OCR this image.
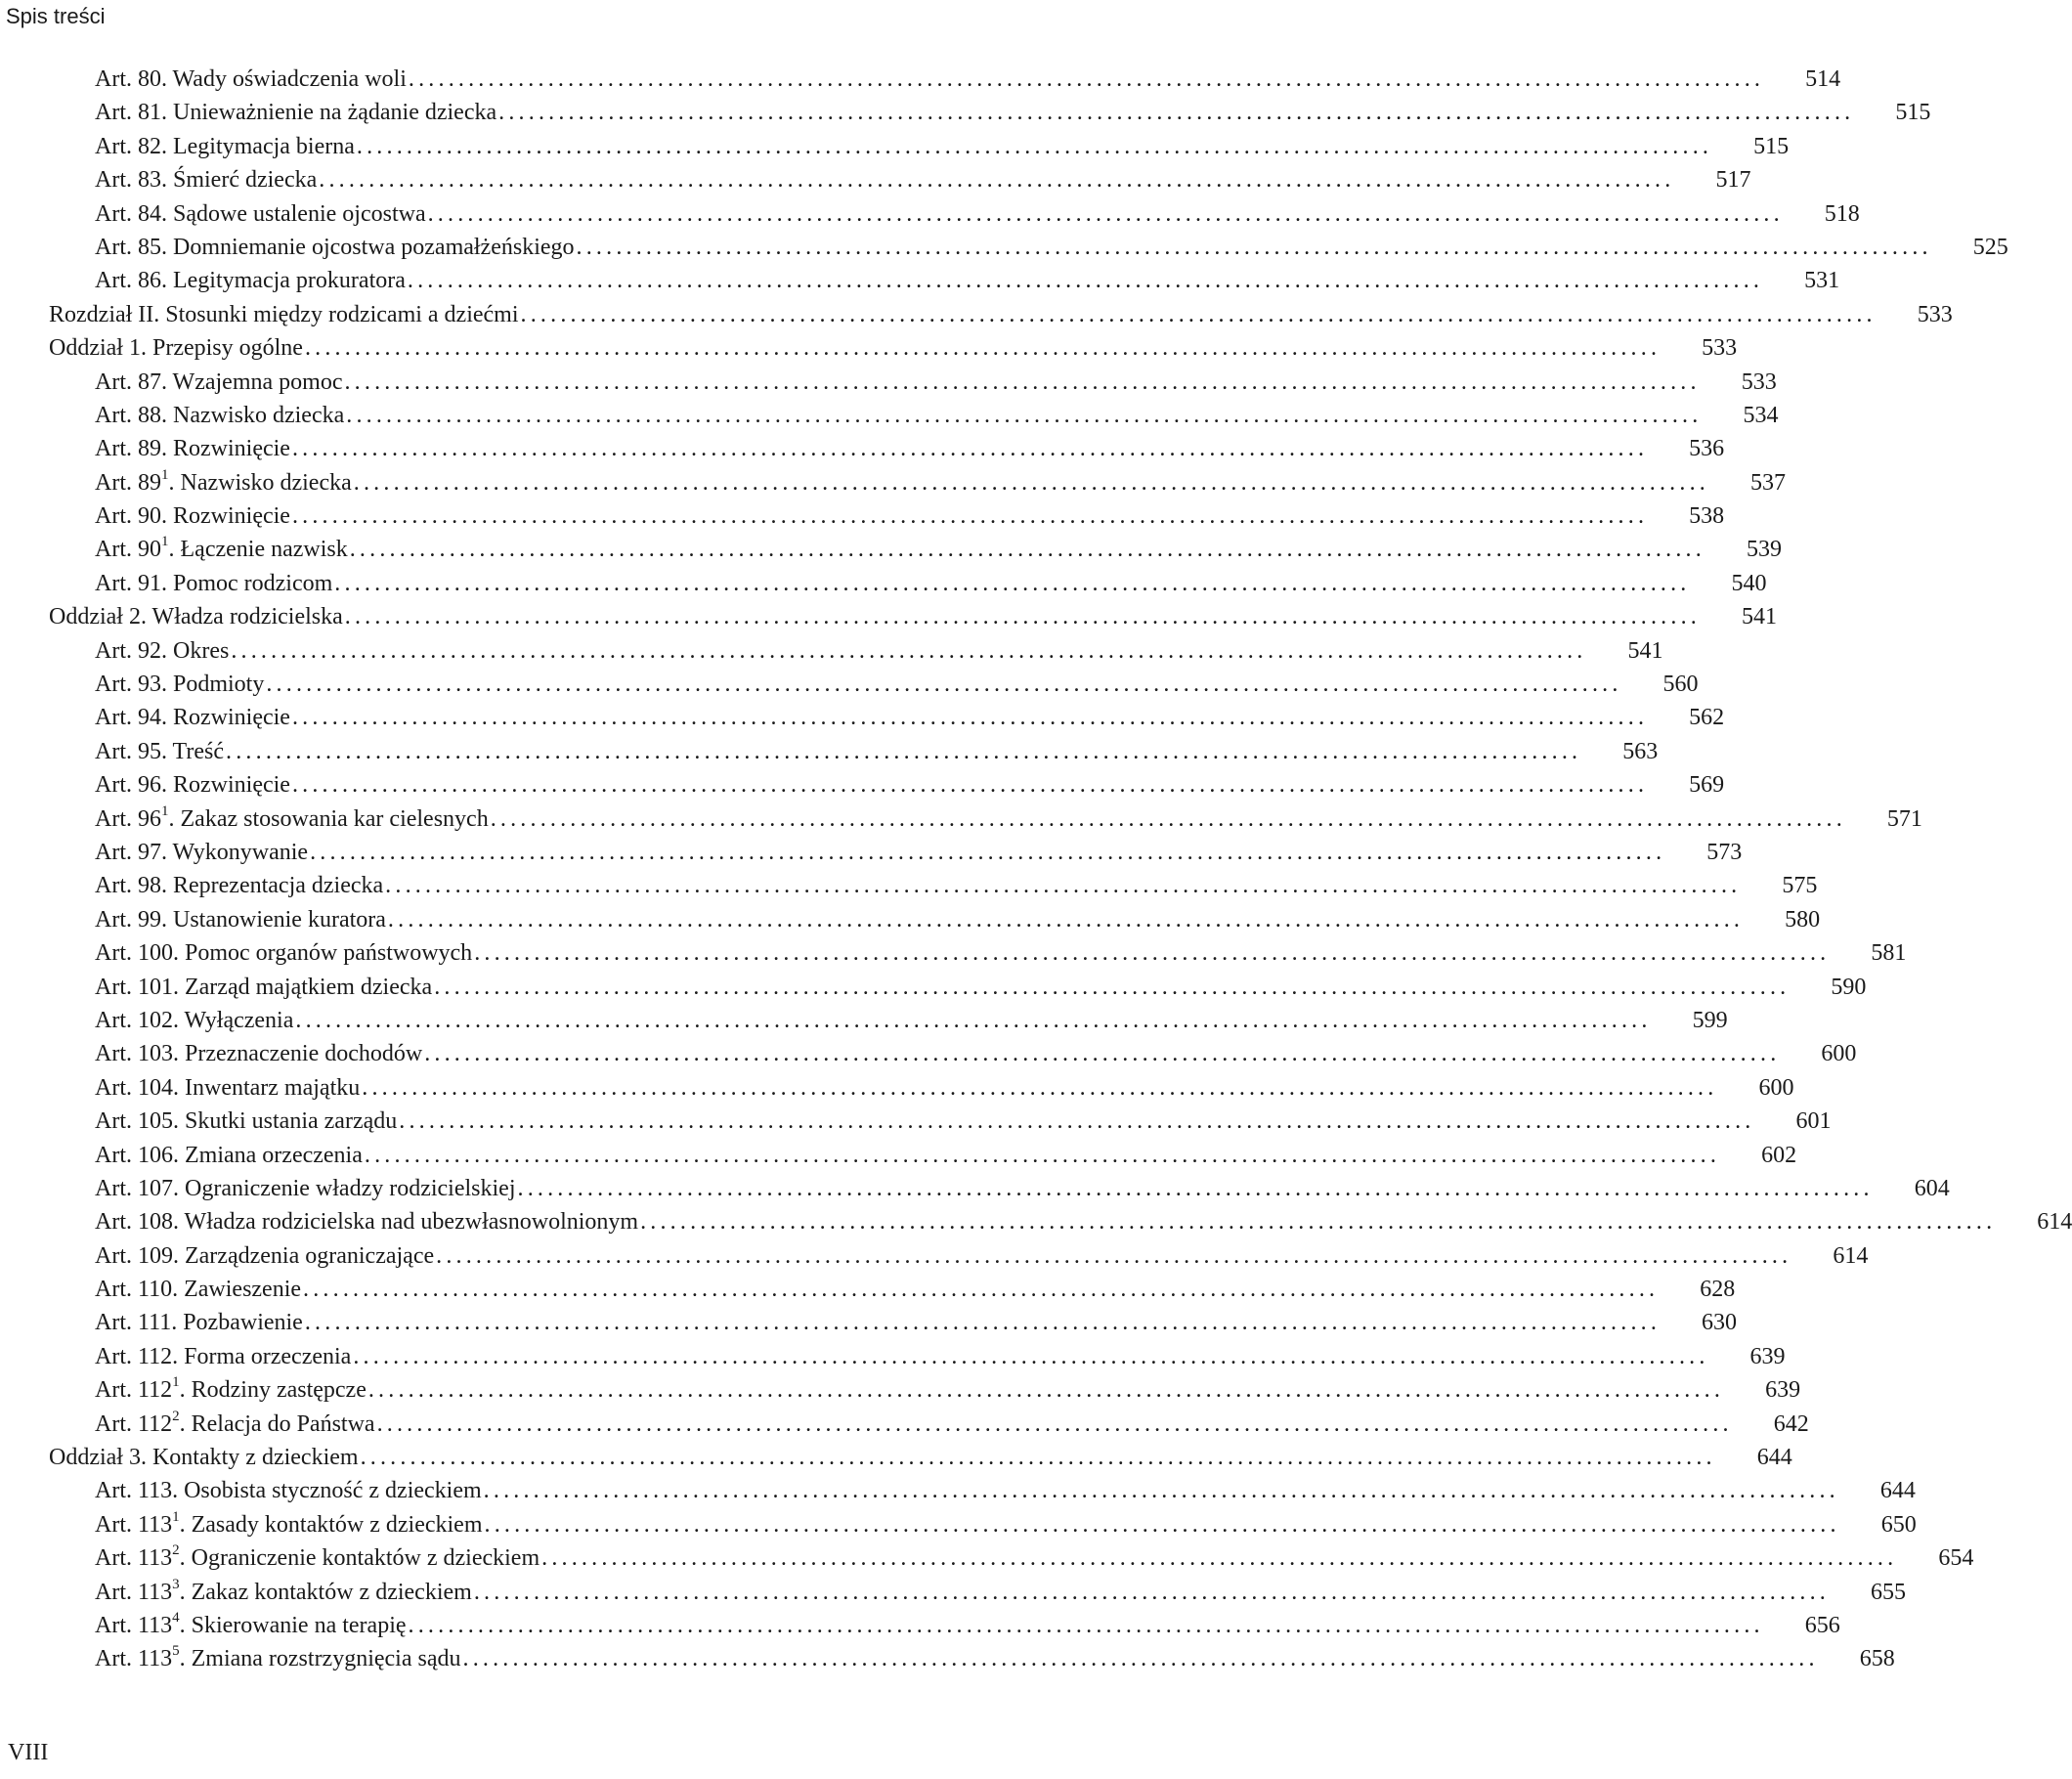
Spis treści
Art. 80. Wady oświadczenia woli ........................................................................................................................................	514
Art. 81. Unieważnienie na żądanie dziecka ........................................................................................................................................	515
Art. 82. Legitymacja bierna ........................................................................................................................................	515
Art. 83. Śmierć dziecka ........................................................................................................................................	517
Art. 84. Sądowe ustalenie ojcostwa ........................................................................................................................................	518
Art. 85. Domniemanie ojcostwa pozamałżeńskiego ........................................................................................................................................	525
Art. 86. Legitymacja prokuratora ........................................................................................................................................	531
Rozdział II. Stosunki między rodzicami a dziećmi ........................................................................................................................................	533
Oddział 1. Przepisy ogólne ........................................................................................................................................	533
Art. 87. Wzajemna pomoc ........................................................................................................................................	533
Art. 88. Nazwisko dziecka ........................................................................................................................................	534
Art. 89. Rozwinięcie ........................................................................................................................................	536
Art. $89^1$. Nazwisko dziecka ........................................................................................................................................	537
Art. 90. Rozwinięcie ........................................................................................................................................	538
Art. $90^1$. Łączenie nazwisk ........................................................................................................................................	539
Art. 91. Pomoc rodzicom ........................................................................................................................................	540
Oddział 2. Władza rodzicielska ........................................................................................................................................	541
Art. 92. Okres ........................................................................................................................................	541
Art. 93. Podmioty ........................................................................................................................................	560
Art. 94. Rozwinięcie ........................................................................................................................................	562
Art. 95. Treść ........................................................................................................................................	563
Art. 96. Rozwinięcie ........................................................................................................................................	569
Art. $96^1$. Zakaz stosowania kar cielesnych ........................................................................................................................................	571
Art. 97. Wykonywanie ........................................................................................................................................	573
Art. 98. Reprezentacja dziecka ........................................................................................................................................	575
Art. 99. Ustanowienie kuratora ........................................................................................................................................	580
Art. 100. Pomoc organów państwowych ........................................................................................................................................	581
Art. 101. Zarząd majątkiem dziecka ........................................................................................................................................	590
Art. 102. Wyłączenia ........................................................................................................................................	599
Art. 103. Przeznaczenie dochodów ........................................................................................................................................	600
Art. 104. Inwentarz majątku ........................................................................................................................................	600
Art. 105. Skutki ustania zarządu ........................................................................................................................................	601
Art. 106. Zmiana orzeczenia ........................................................................................................................................	602
Art. 107. Ograniczenie władzy rodzicielskiej ........................................................................................................................................	604
Art. 108. Władza rodzicielska nad ubezwłasnowolnionym ........................................................................................................................................	614
Art. 109. Zarządzenia ograniczające ........................................................................................................................................	614
Art. 110. Zawieszenie ........................................................................................................................................	628
Art. 111. Pozbawienie ........................................................................................................................................	630
Art. 112. Forma orzeczenia ........................................................................................................................................	639
Art. $112^1$. Rodziny zastępcze ........................................................................................................................................	639
Art. $112^2$. Relacja do Państwa ........................................................................................................................................	642
Oddział 3. Kontakty z dzieckiem ........................................................................................................................................	644
Art. 113. Osobista styczność z dzieckiem ........................................................................................................................................	644
Art. $113^1$. Zasady kontaktów z dzieckiem ........................................................................................................................................	650
Art. $113^2$. Ograniczenie kontaktów z dzieckiem ........................................................................................................................................	654
Art. $113^3$. Zakaz kontaktów z dzieckiem ........................................................................................................................................	655
Art. $113^4$. Skierowanie na terapię ........................................................................................................................................	656
Art. $113^5$. Zmiana rozstrzygnięcia sądu ........................................................................................................................................	658
VIII
